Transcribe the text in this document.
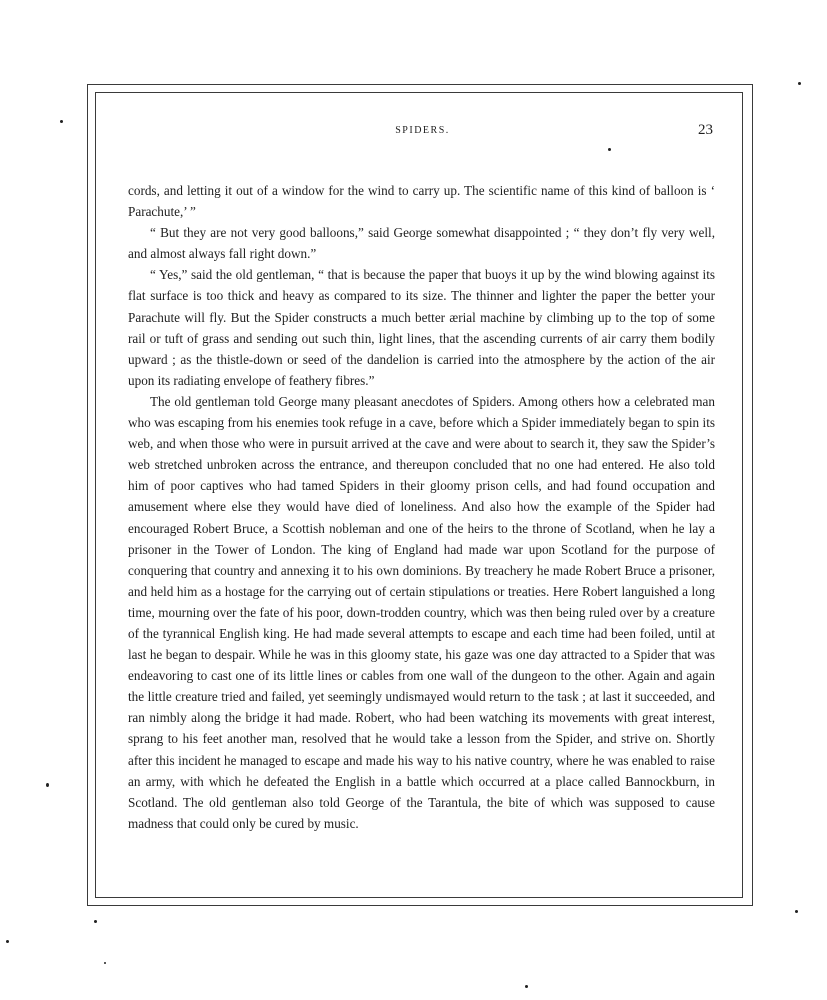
SPIDERS.	23

cords, and letting it out of a window for the wind to carry up. The scientific name of this kind of balloon is ‘ Parachute,’ ”

“ But they are not very good balloons,” said George somewhat disappointed ; “ they don’t fly very well, and almost always fall right down.”

“ Yes,” said the old gentleman, “ that is because the paper that buoys it up by the wind blowing against its flat surface is too thick and heavy as compared to its size. The thinner and lighter the paper the better your Parachute will fly. But the Spider constructs a much better ærial machine by climbing up to the top of some rail or tuft of grass and sending out such thin, light lines, that the ascending currents of air carry them bodily upward ; as the thistle-down or seed of the dandelion is carried into the atmosphere by the action of the air upon its radiating envelope of feathery fibres.”

The old gentleman told George many pleasant anecdotes of Spiders. Among others how a celebrated man who was escaping from his enemies took refuge in a cave, before which a Spider immediately began to spin its web, and when those who were in pursuit arrived at the cave and were about to search it, they saw the Spider’s web stretched unbroken across the entrance, and thereupon concluded that no one had entered. He also told him of poor captives who had tamed Spiders in their gloomy prison cells, and had found occupation and amusement where else they would have died of loneliness. And also how the example of the Spider had encouraged Robert Bruce, a Scottish nobleman and one of the heirs to the throne of Scotland, when he lay a prisoner in the Tower of London. The king of England had made war upon Scotland for the purpose of conquering that country and annexing it to his own dominions. By treachery he made Robert Bruce a prisoner, and held him as a hostage for the carrying out of certain stipulations or treaties. Here Robert languished a long time, mourning over the fate of his poor, down-trodden country, which was then being ruled over by a creature of the tyrannical English king. He had made several attempts to escape and each time had been foiled, until at last he began to despair. While he was in this gloomy state, his gaze was one day attracted to a Spider that was endeavoring to cast one of its little lines or cables from one wall of the dungeon to the other. Again and again the little creature tried and failed, yet seemingly undismayed would return to the task ; at last it succeeded, and ran nimbly along the bridge it had made. Robert, who had been watching its movements with great interest, sprang to his feet another man, resolved that he would take a lesson from the Spider, and strive on. Shortly after this incident he managed to escape and made his way to his native country, where he was enabled to raise an army, with which he defeated the English in a battle which occurred at a place called Bannockburn, in Scotland. The old gentleman also told George of the Tarantula, the bite of which was supposed to cause madness that could only be cured by music.
